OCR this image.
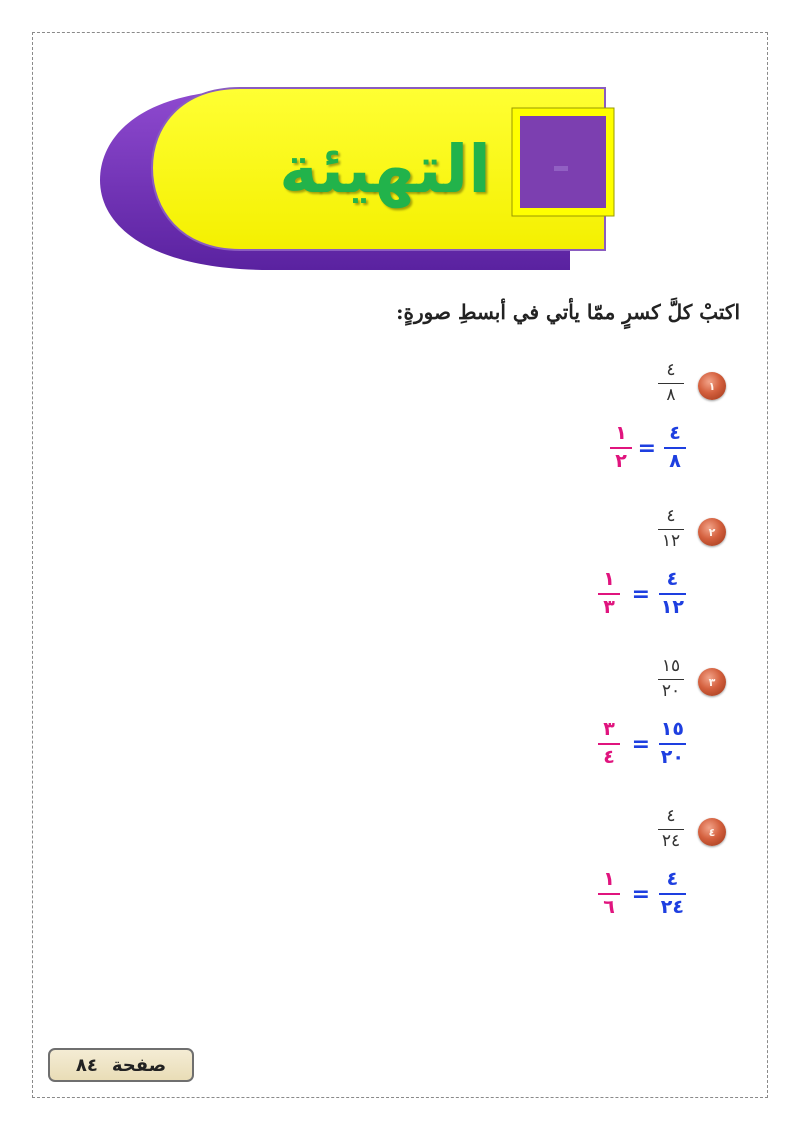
التهيئة
اكتبْ كلَّ كسرٍ ممّا يأتي في أبسطِ صورةٍ:
١
٤
٨
٤
٨
=
١
٢
٢
٤
١٢
٤
١٢
=
١
٣
٣
١٥
٢٠
١٥
٢٠
=
٣
٤
٤
٤
٢٤
٤
٢٤
=
١
٦
صفحة
٨٤
